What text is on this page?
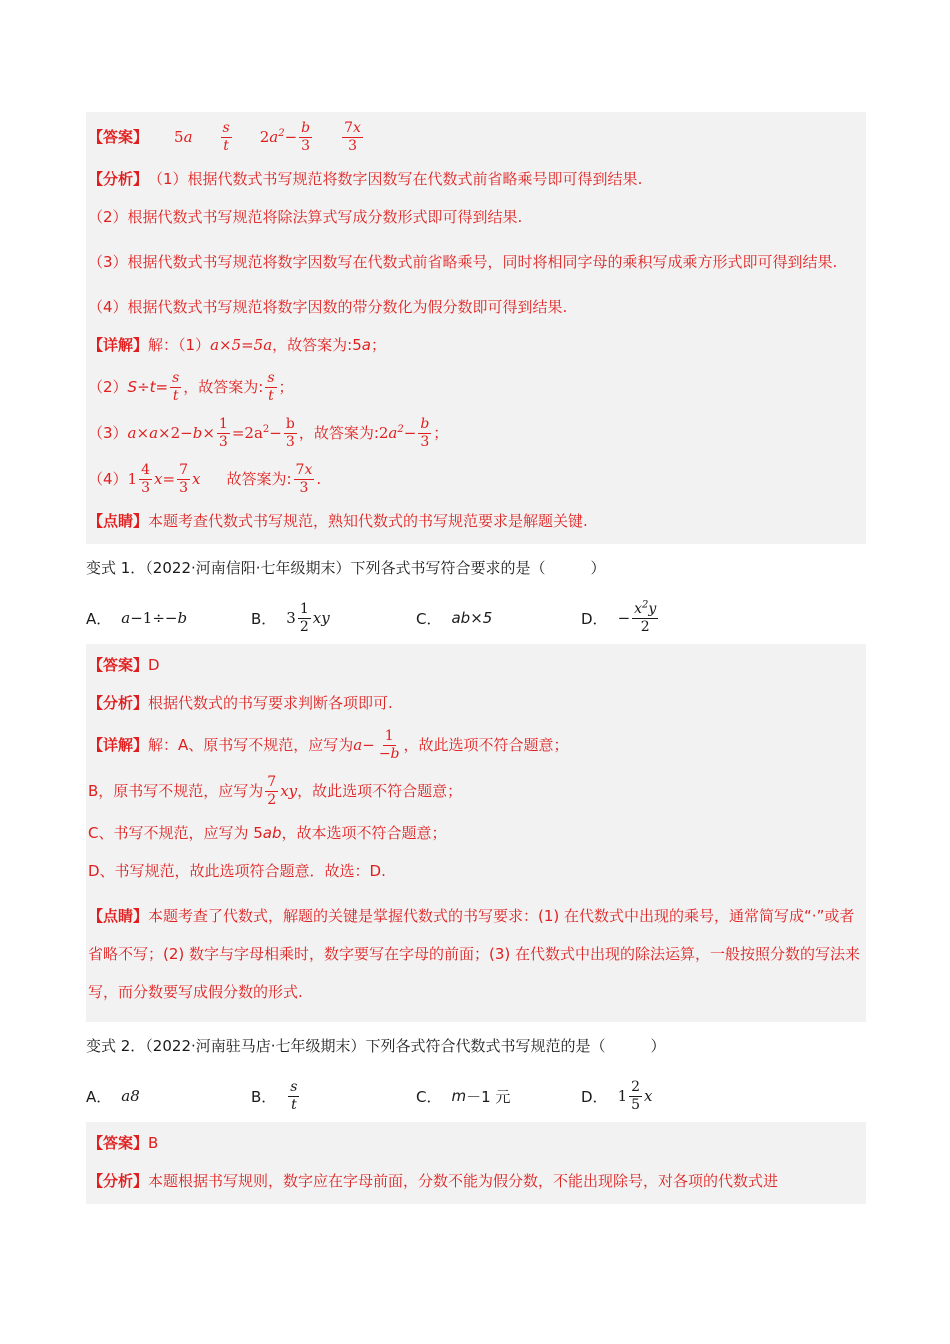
【答案】 $5a \frac{s}{t} 2a^2- \frac{b}{3} \frac{7x}{3}$
【分析】 （1）根据代数式书写规范将数字因数写在代数式前省略乘号即可得到结果.
（2）根据代数式书写规范将除法算式写成分数形式即可得到结果.
（3）根据代数式书写规范将数字因数写在代数式前省略乘号，同时将相同字母的乘积写成乘方形式即可得到结果.
（4）根据代数式书写规范将数字因数的带分数化为假分数即可得到结果.
【详解】 解：（1） a×5=5a ，故答案为:5 a ；
（2） $S\div t= \frac{s}{t}$ ，故答案为: $\frac{s}{t}$ ；
（3） $a\times a\times 2-b\times \frac{1}{3} =2a^2- \frac{b}{3}$ ，故答案为: $2a^2- \frac{b}{3}$ ；
（4） $1 \frac{4}{3} x= \frac{7}{3}$ x 故答案为: $\frac{7x}{3}$ .
【点睛】 本题考查代数式书写规范，熟知代数式的书写规范要求是解题关键.
变式 1．（2022·河南信阳·七年级期末）下列各式书写符合要求的是（　　　）
A． a−1÷−b	B． $3 \frac{1}{2}$ xy	C． ab×5	D． − $\frac{x^2y}{2}$
【答案】 D
【分析】 根据代数式的书写要求判断各项即可.
【详解】 解：A、原书写不规范，应写为 $a- \frac{1}{-b}$ ，故此选项不符合题意；
B，原书写不规范，应写为 $\frac{7}{2}$ xy ，故此选项不符合题意；
C、书写不规范，应写为 5 ab ，故本选项不符合题意；
D、书写规范，故此选项符合题意．故选：D.
【点睛】本题考查了代数式，解题的关键是掌握代数式的书写要求：(1) 在代数式中出现的乘号，通常简写成“·”或者省略不写；(2) 数字与字母相乘时，数字要写在字母的前面；(3) 在代数式中出现的除法运算，一般按照分数的写法来写，而分数要写成假分数的形式.
变式 2．（2022·河南驻马店·七年级期末）下列各式符合代数式书写规范的是（　　　）
A． a8	B． $\frac{s}{t}$	C． m －1 元	D． $1 \frac{2}{5}$ x
【答案】 B
【分析】 本题根据书写规则，数字应在字母前面，分数不能为假分数，不能出现除号，对各项的代数式进
